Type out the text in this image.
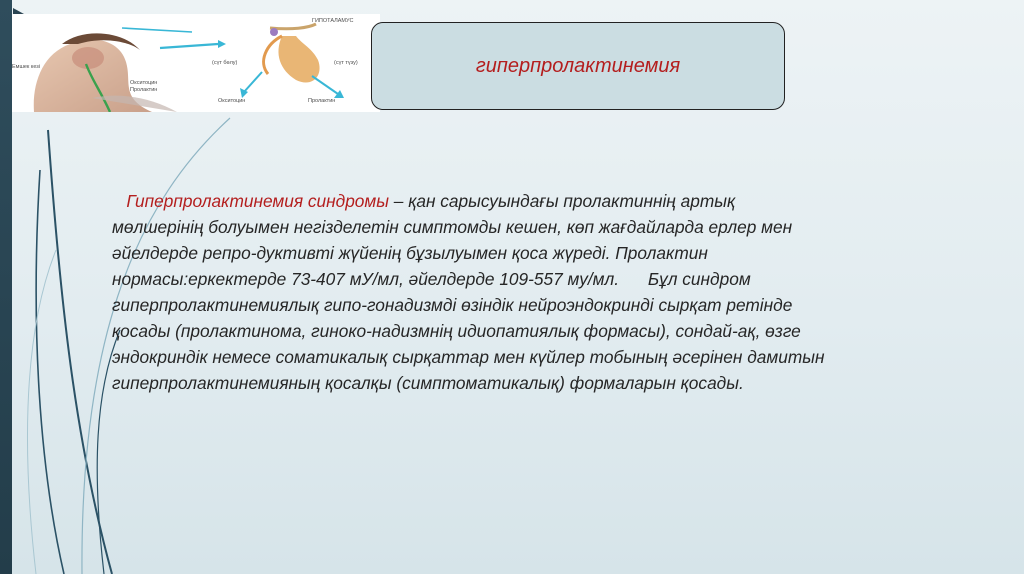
Емшек кезі
Окситоцин
Пролактин
ГИПОТАЛАМУС
Окситоцин	Пролактин
(сүт бөлу)	(сүт түзу)	гиперпролактинемия

Гиперпролактинемия синдромы – қан сарысуындағы пролактиннің артық
мөлшерінің болуымен негізделетін симптомды кешен, көп жағдайларда ерлер мен
әйелдерде репро-дуктивті жүйенің бұзылуымен қоса жүреді. Пролактин
нормасы:еркектерде 73-407 мУ/мл, әйелдерде 109-557 му/мл.      Бұл синдром
гиперпролактинемиялық гипо-гонадизмді өзіндік нейроэндокринді сырқат ретінде
қосады (пролактинома, гиноко-надизмнің идиопатиялық формасы), сондай-ақ, өзге
эндокриндік немесе соматикалық сырқаттар мен күйлер тобының әсерінен дамитын
гиперпролактинемияның қосалқы (симптоматикалық) формаларын қосады.
